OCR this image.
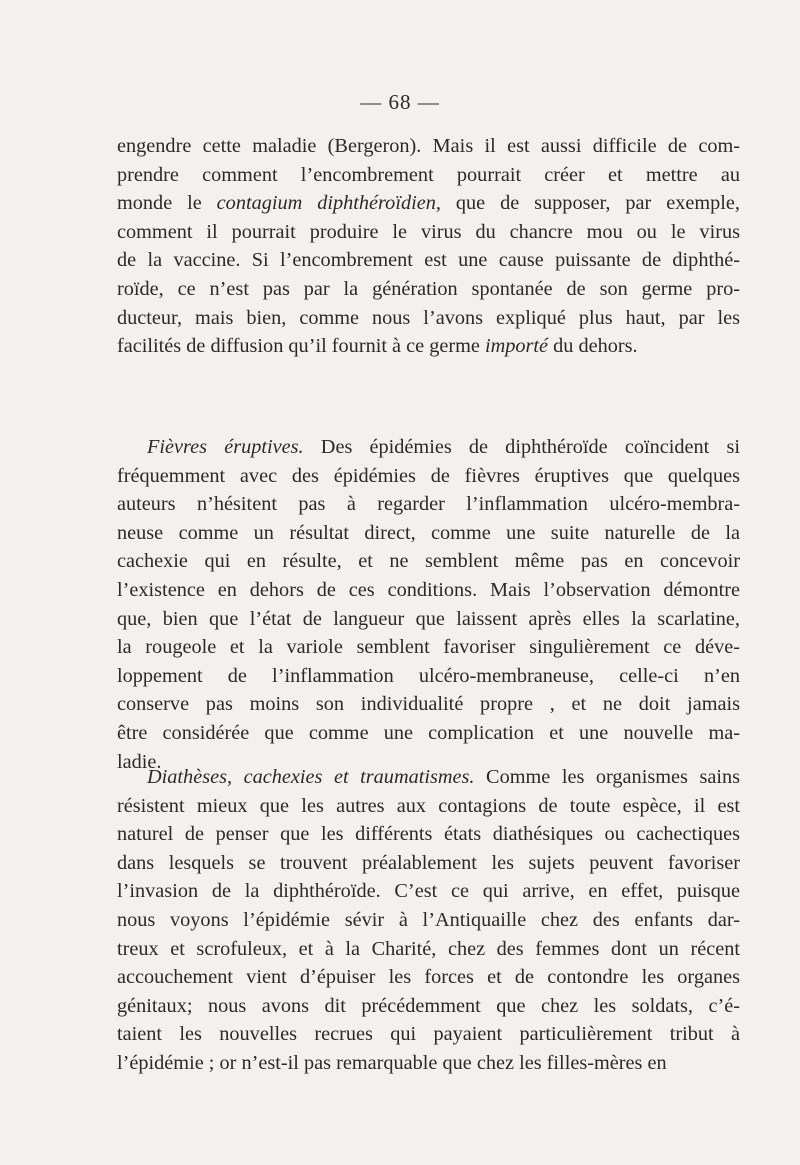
— 68 —
engendre cette maladie (Bergeron). Mais il est aussi difficile de com-
prendre comment l’encombrement pourrait créer et mettre au
monde le contagium diphthéroïdien, que de supposer, par exemple,
comment il pourrait produire le virus du chancre mou ou le virus
de la vaccine. Si l’encombrement est une cause puissante de diphthé-
roïde, ce n’est pas par la génération spontanée de son germe pro-
ducteur, mais bien, comme nous l’avons expliqué plus haut, par les
facilités de diffusion qu’il fournit à ce germe importé du dehors.
Fièvres éruptives. Des épidémies de diphthéroïde coïncident si
fréquemment avec des épidémies de fièvres éruptives que quelques
auteurs n’hésitent pas à regarder l’inflammation ulcéro-membra-
neuse comme un résultat direct, comme une suite naturelle de la
cachexie qui en résulte, et ne semblent même pas en concevoir
l’existence en dehors de ces conditions. Mais l’observation démontre
que, bien que l’état de langueur que laissent après elles la scarlatine,
la rougeole et la variole semblent favoriser singulièrement ce déve-
loppement de l’inflammation ulcéro-membraneuse, celle-ci n’en
conserve pas moins son individualité propre , et ne doit jamais
être considérée que comme une complication et une nouvelle ma-
ladie.
Diathèses, cachexies et traumatismes. Comme les organismes sains
résistent mieux que les autres aux contagions de toute espèce, il est
naturel de penser que les différents états diathésiques ou cachectiques
dans lesquels se trouvent préalablement les sujets peuvent favoriser
l’invasion de la diphthéroïde. C’est ce qui arrive, en effet, puisque
nous voyons l’épidémie sévir à l’Antiquaille chez des enfants dar-
treux et scrofuleux, et à la Charité, chez des femmes dont un récent
accouchement vient d’épuiser les forces et de contondre les organes
génitaux; nous avons dit précédemment que chez les soldats, c’é-
taient les nouvelles recrues qui payaient particulièrement tribut à
l’épidémie ; or n’est-il pas remarquable que chez les filles-mères en
